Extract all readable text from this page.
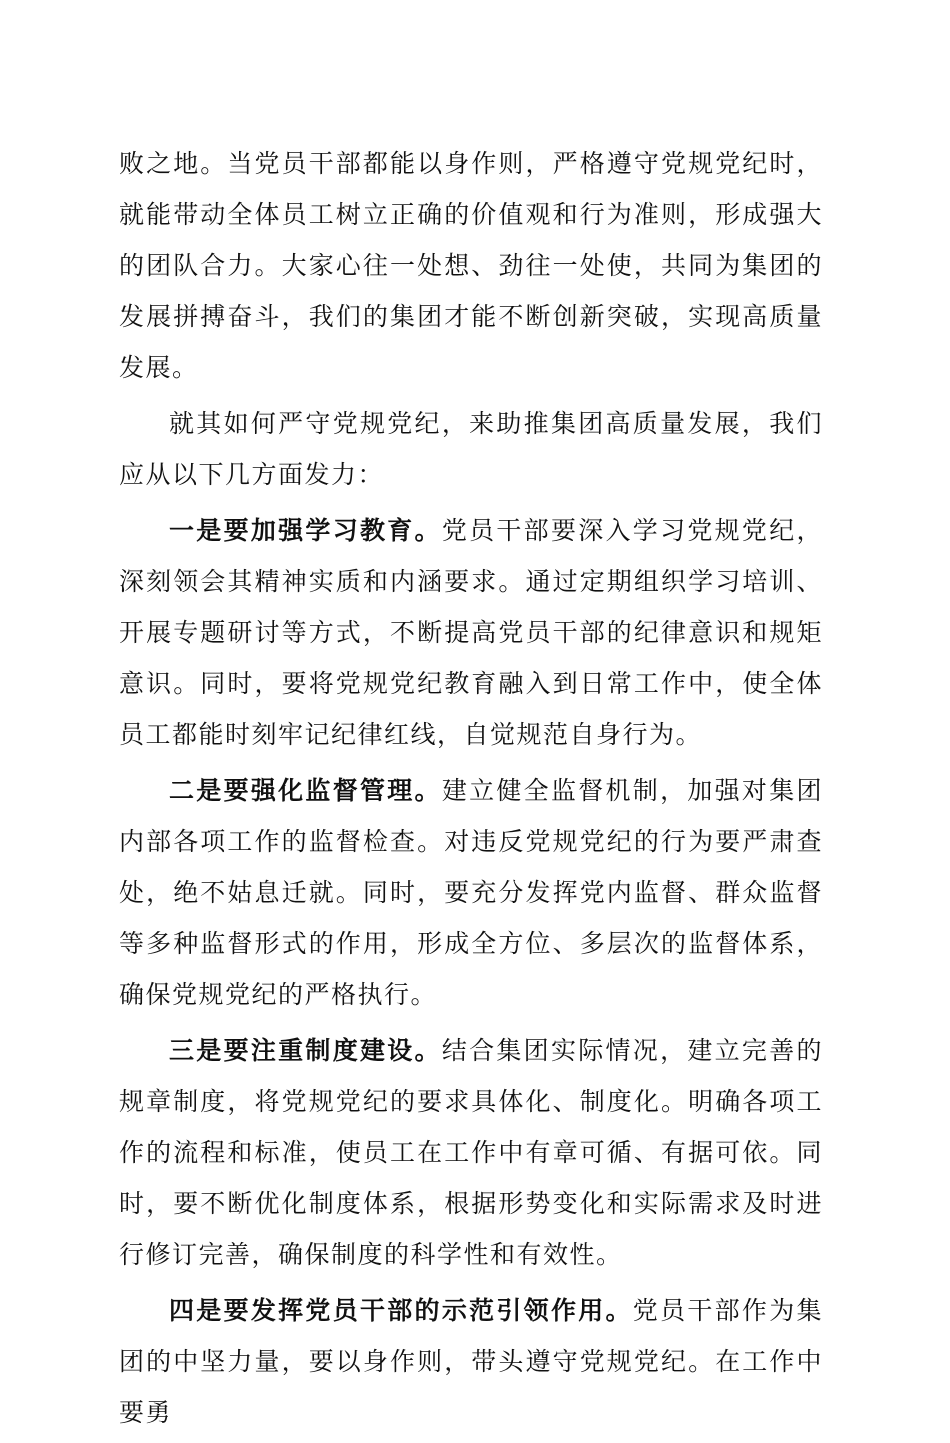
败之地。当党员干部都能以身作则，严格遵守党规党纪时，就能带动全体员工树立正确的价值观和行为准则，形成强大的团队合力。大家心往一处想、劲往一处使，共同为集团的发展拼搏奋斗，我们的集团才能不断创新突破，实现高质量发展。

就其如何严守党规党纪，来助推集团高质量发展，我们应从以下几方面发力：

一是要加强学习教育。党员干部要深入学习党规党纪，深刻领会其精神实质和内涵要求。通过定期组织学习培训、开展专题研讨等方式，不断提高党员干部的纪律意识和规矩意识。同时，要将党规党纪教育融入到日常工作中，使全体员工都能时刻牢记纪律红线，自觉规范自身行为。

二是要强化监督管理。建立健全监督机制，加强对集团内部各项工作的监督检查。对违反党规党纪的行为要严肃查处，绝不姑息迁就。同时，要充分发挥党内监督、群众监督等多种监督形式的作用，形成全方位、多层次的监督体系，确保党规党纪的严格执行。

三是要注重制度建设。结合集团实际情况，建立完善的规章制度，将党规党纪的要求具体化、制度化。明确各项工作的流程和标准，使员工在工作中有章可循、有据可依。同时，要不断优化制度体系，根据形势变化和实际需求及时进行修订完善，确保制度的科学性和有效性。

四是要发挥党员干部的示范引领作用。党员干部作为集团的中坚力量，要以身作则，带头遵守党规党纪。在工作中要勇
